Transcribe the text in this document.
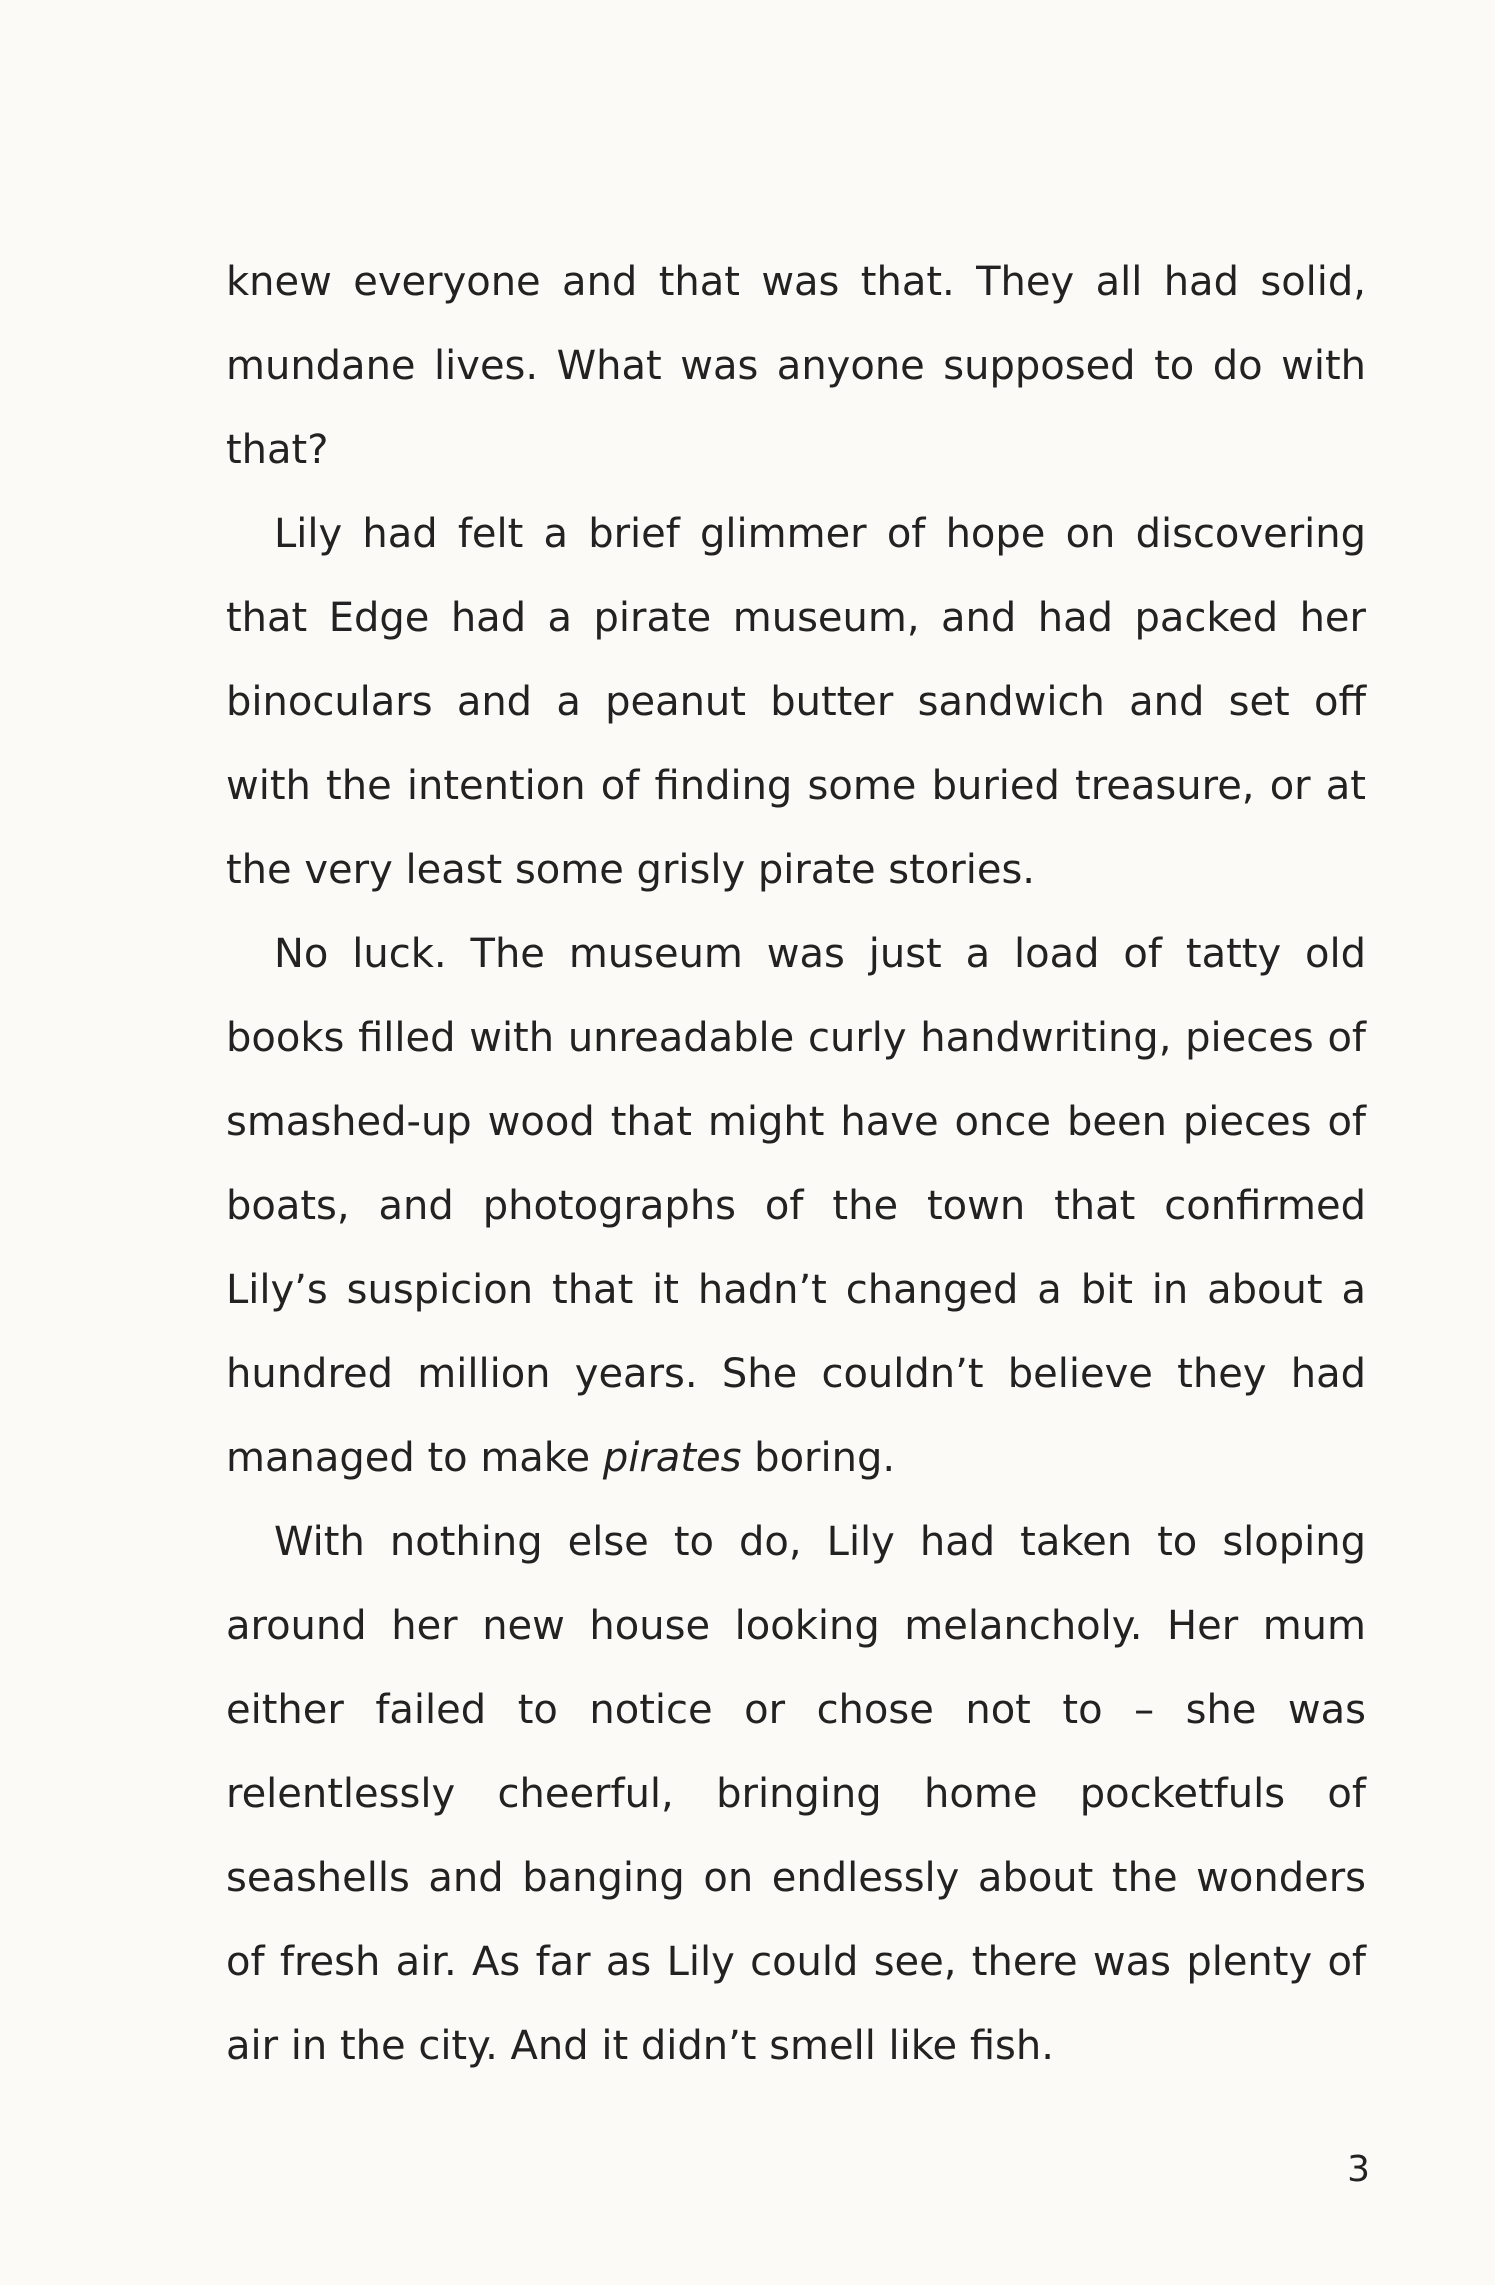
knew everyone and that was that. They all had solid, mundane lives. What was anyone supposed to do with that?

Lily had felt a brief glimmer of hope on discovering that Edge had a pirate museum, and had packed her binoculars and a peanut butter sandwich and set off with the intention of finding some buried treasure, or at the very least some grisly pirate stories.

No luck. The museum was just a load of tatty old books filled with unreadable curly handwriting, pieces of smashed-up wood that might have once been pieces of boats, and photographs of the town that confirmed Lily’s suspicion that it hadn’t changed a bit in about a hundred million years. She couldn’t believe they had managed to make pirates boring.

With nothing else to do, Lily had taken to sloping around her new house looking melancholy. Her mum either failed to notice or chose not to – she was relentlessly cheerful, bringing home pocketfuls of seashells and banging on endlessly about the wonders of fresh air. As far as Lily could see, there was plenty of air in the city. And it didn’t smell like fish.

3
